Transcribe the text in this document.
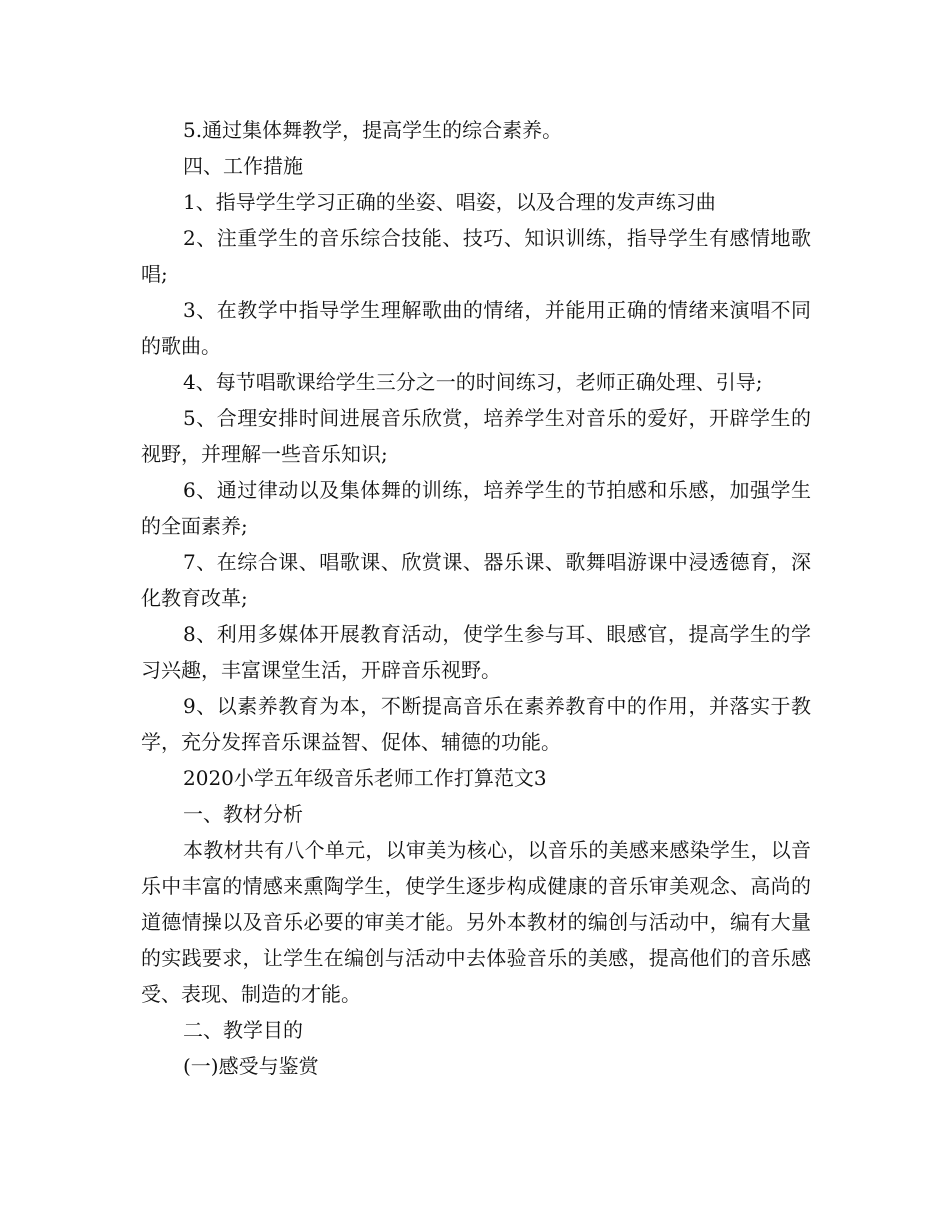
5.通过集体舞教学，提高学生的综合素养。

四、工作措施

1、指导学生学习正确的坐姿、唱姿，以及合理的发声练习曲

2、注重学生的音乐综合技能、技巧、知识训练，指导学生有感情地歌唱;

3、在教学中指导学生理解歌曲的情绪，并能用正确的情绪来演唱不同的歌曲。

4、每节唱歌课给学生三分之一的时间练习，老师正确处理、引导;

5、合理安排时间进展音乐欣赏，培养学生对音乐的爱好，开辟学生的视野，并理解一些音乐知识;

6、通过律动以及集体舞的训练，培养学生的节拍感和乐感，加强学生的全面素养;

7、在综合课、唱歌课、欣赏课、器乐课、歌舞唱游课中浸透德育，深化教育改革;

8、利用多媒体开展教育活动，使学生参与耳、眼感官，提高学生的学习兴趣，丰富课堂生活，开辟音乐视野。

9、以素养教育为本，不断提高音乐在素养教育中的作用，并落实于教学，充分发挥音乐课益智、促体、辅德的功能。

2020小学五年级音乐老师工作打算范文3

一、教材分析

本教材共有八个单元，以审美为核心，以音乐的美感来感染学生，以音乐中丰富的情感来熏陶学生，使学生逐步构成健康的音乐审美观念、高尚的道德情操以及音乐必要的审美才能。另外本教材的编创与活动中，编有大量的实践要求，让学生在编创与活动中去体验音乐的美感，提高他们的音乐感受、表现、制造的才能。

二、教学目的

(一)感受与鉴赏
